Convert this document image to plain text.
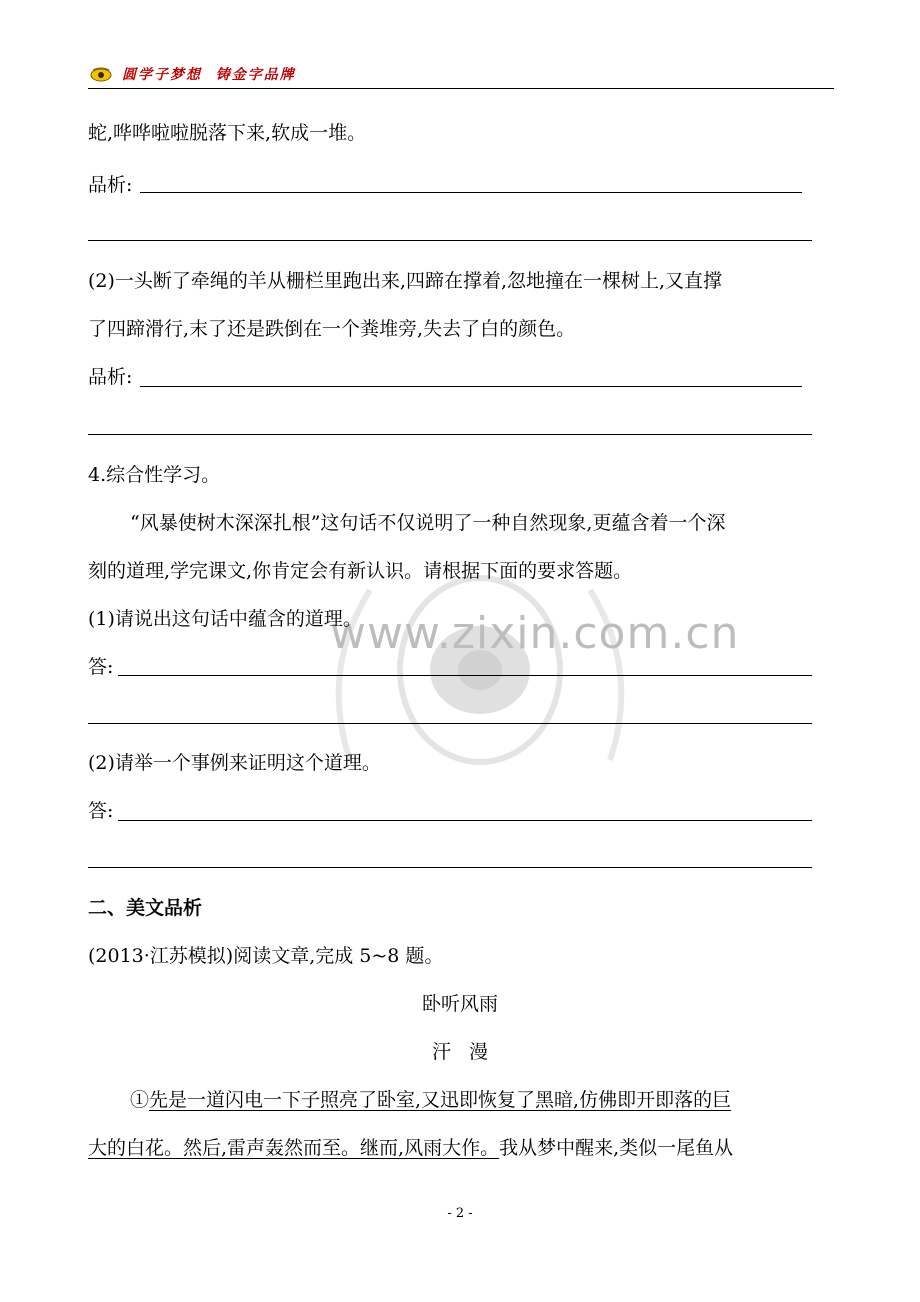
圆学子梦想  铸金字品牌
www.zixin.com.cn
蛇,哗哗啦啦脱落下来,软成一堆。
品析:
(2)一头断了牵绳的羊从栅栏里跑出来,四蹄在撑着,忽地撞在一棵树上,又直撑
了四蹄滑行,末了还是跌倒在一个粪堆旁,失去了白的颜色。
品析:
4.综合性学习。
“风暴使树木深深扎根”这句话不仅说明了一种自然现象,更蕴含着一个深
刻的道理,学完课文,你肯定会有新认识。请根据下面的要求答题。
(1)请说出这句话中蕴含的道理。
答:
(2)请举一个事例来证明这个道理。
答:
二、美文品析
(2013·江苏模拟)阅读文章,完成 5~8 题。
卧听风雨
汗   漫
①先是一道闪电一下子照亮了卧室,又迅即恢复了黑暗,仿佛即开即落的巨
大的白花。然后,雷声轰然而至。继而,风雨大作。我从梦中醒来,类似一尾鱼从
- 2 -
